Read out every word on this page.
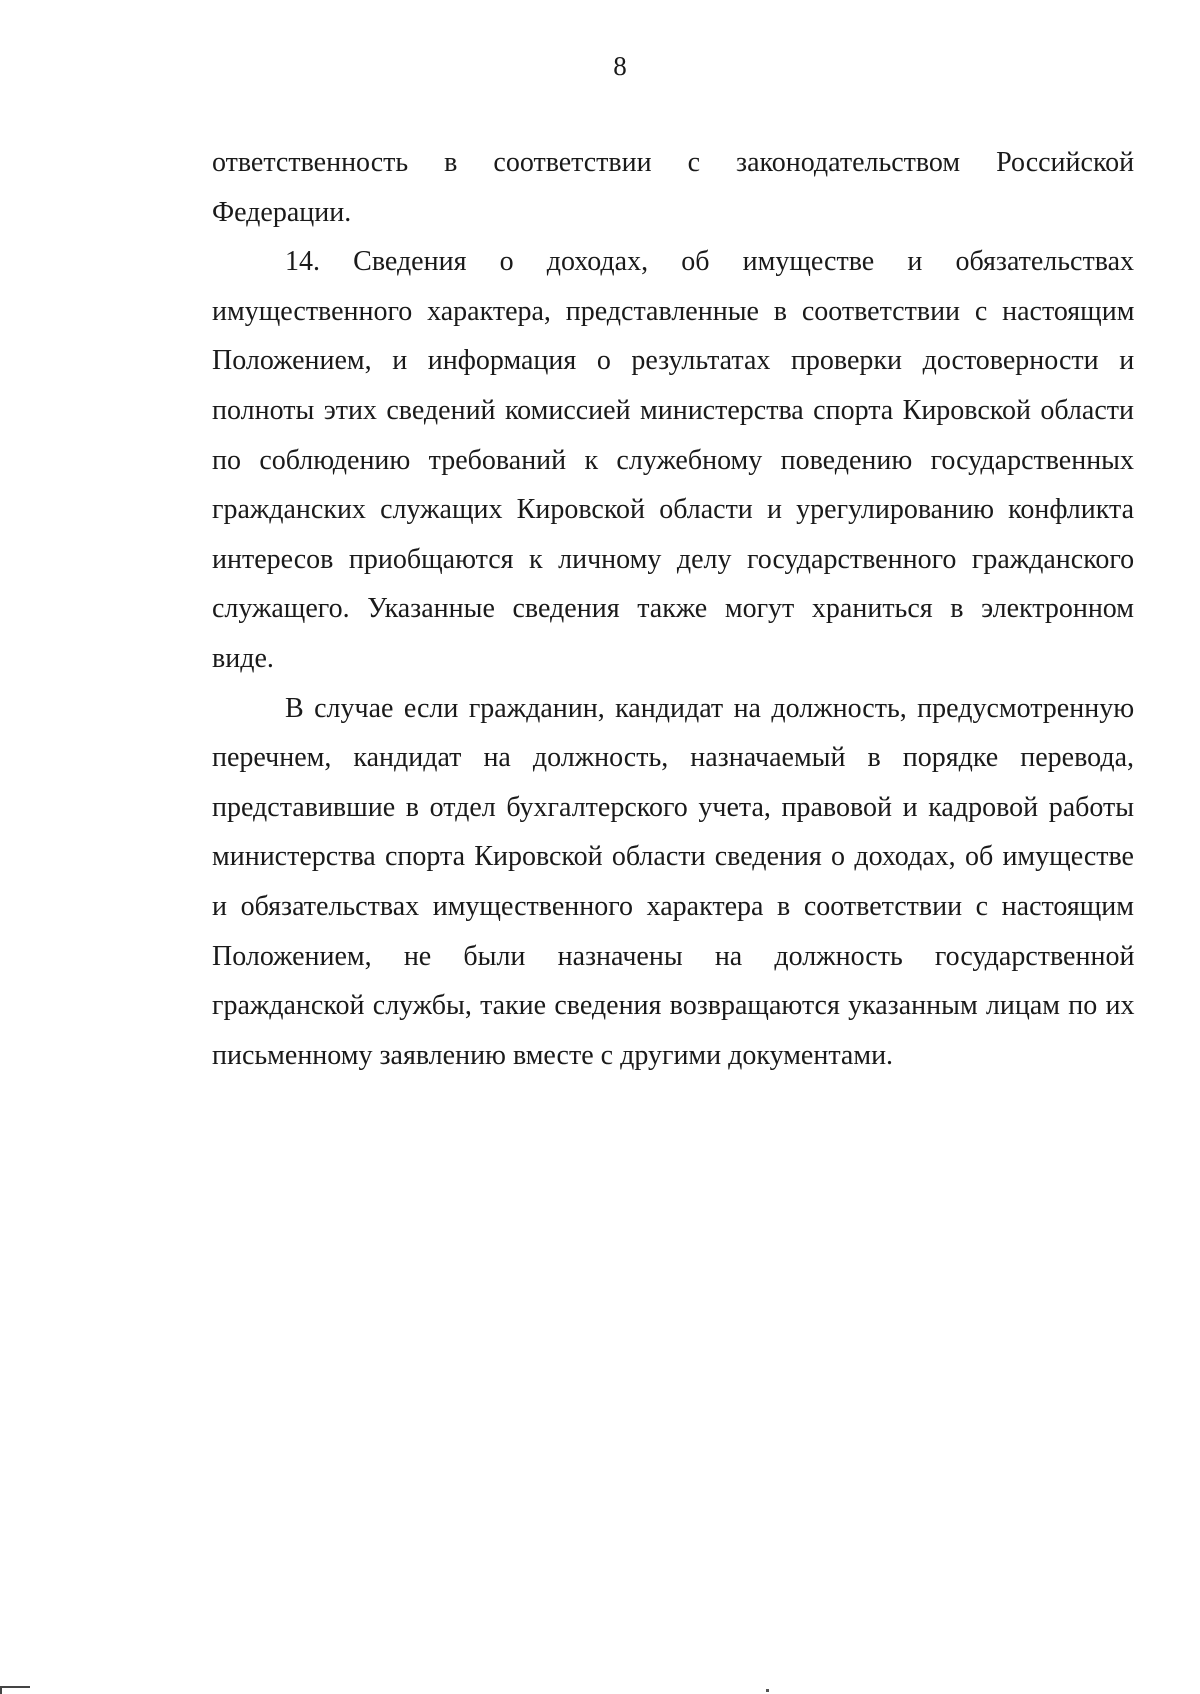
8
ответственность в соответствии с законодательством Российской
Федерации.
14. Сведения о доходах, об имуществе и обязательствах
имущественного характера, представленные в соответствии с настоящим
Положением, и информация о результатах проверки достоверности и
полноты этих сведений комиссией министерства спорта Кировской области
по соблюдению требований к служебному поведению государственных
гражданских служащих Кировской области и урегулированию конфликта
интересов приобщаются к личному делу государственного гражданского
служащего. Указанные сведения также могут храниться в электронном
виде.
В случае если гражданин, кандидат на должность, предусмотренную
перечнем, кандидат на должность, назначаемый в порядке перевода,
представившие в отдел бухгалтерского учета, правовой и кадровой работы
министерства спорта Кировской области сведения о доходах, об имуществе
и обязательствах имущественного характера в соответствии с настоящим
Положением, не были назначены на должность государственной
гражданской службы, такие сведения возвращаются указанным лицам по их
письменному заявлению вместе с другими документами.
